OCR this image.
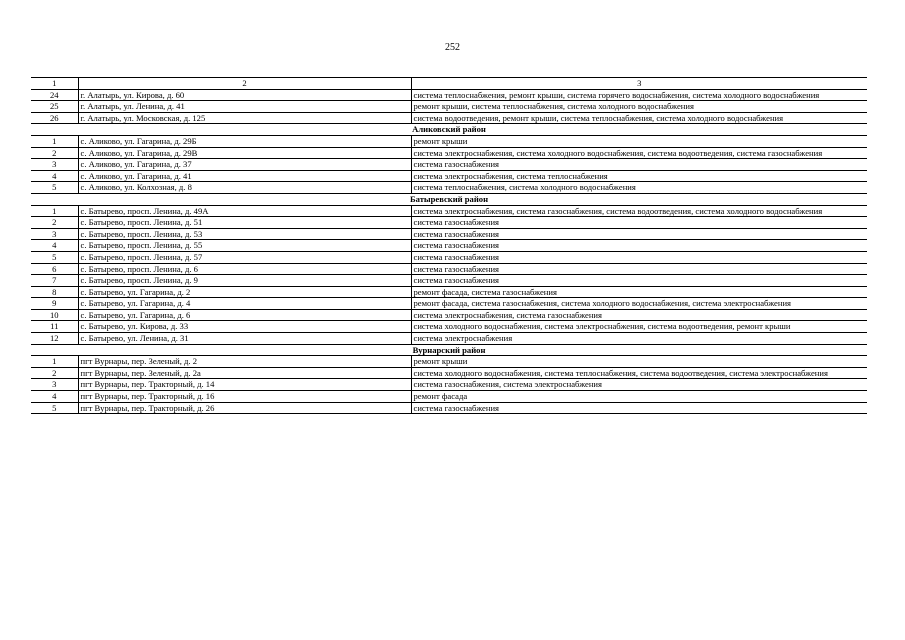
252
1	2	3
24	г. Алатырь, ул. Кирова, д. 60	система теплоснабжения, ремонт крыши, система горячего водоснабжения, система холодного водоснабжения
25	г. Алатырь, ул. Ленина, д. 41	ремонт крыши, система теплоснабжения, система холодного водоснабжения
26	г. Алатырь, ул. Московская, д. 125	система водоотведения, ремонт крыши, система теплоснабжения, система холодного водоснабжения
Аликовский район		
1	с. Аликово, ул. Гагарина, д. 29Б	ремонт крыши
2	с. Аликово, ул. Гагарина, д. 29В	система электроснабжения, система холодного водоснабжения, система водоотведения, система газоснабжения
3	с. Аликово, ул. Гагарина, д. 37	система газоснабжения
4	с. Аликово, ул. Гагарина, д. 41	система электроснабжения, система теплоснабжения
5	с. Аликово, ул. Колхозная, д. 8	система теплоснабжения, система холодного водоснабжения
Батыревский район		
1	с. Батырево, просп. Ленина, д. 49А	система электроснабжения, система газоснабжения, система водоотведения, система холодного водоснабжения
2	с. Батырево, просп. Ленина, д. 51	система газоснабжения
3	с. Батырево, просп. Ленина, д. 53	система газоснабжения
4	с. Батырево, просп. Ленина, д. 55	система газоснабжения
5	с. Батырево, просп. Ленина, д. 57	система газоснабжения
6	с. Батырево, просп. Ленина, д. 6	система газоснабжения
7	с. Батырево, просп. Ленина, д. 9	система газоснабжения
8	с. Батырево, ул. Гагарина, д. 2	ремонт фасада, система газоснабжения
9	с. Батырево, ул. Гагарина, д. 4	ремонт фасада, система газоснабжения, система холодного водоснабжения, система электроснабжения
10	с. Батырево, ул. Гагарина, д. 6	система электроснабжения, система газоснабжения
11	с. Батырево, ул. Кирова, д. 33	система холодного водоснабжения, система электроснабжения, система водоотведения, ремонт крыши
12	с. Батырево, ул. Ленина, д. 31	система электроснабжения
Вурнарский район		
1	пгт Вурнары, пер. Зеленый, д. 2	ремонт крыши
2	пгт Вурнары, пер. Зеленый, д. 2а	система холодного водоснабжения, система теплоснабжения, система водоотведения, система электроснабжения
3	пгт Вурнары, пер. Тракторный, д. 14	система газоснабжения, система электроснабжения
4	пгт Вурнары, пер. Тракторный, д. 16	ремонт фасада
5	пгт Вурнары, пер. Тракторный, д. 26	система газоснабжения
